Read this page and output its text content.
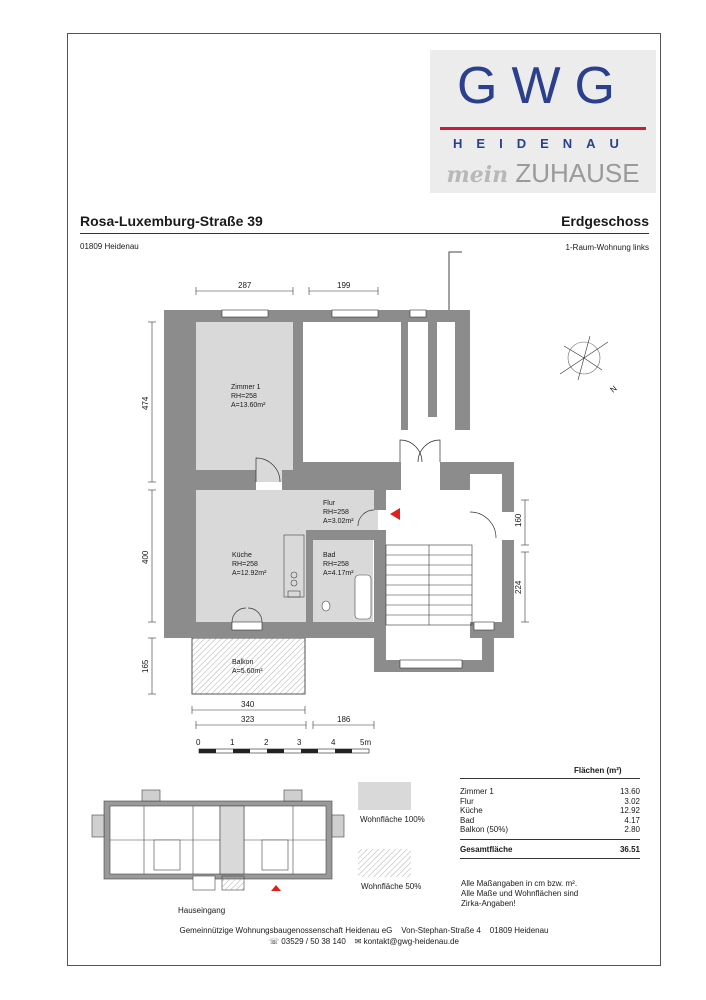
GWG
HEIDENAU
mein ZUHAUSE
Rosa-Luxemburg-Straße 39	Erdgeschoss
01809 Heidenau	1-Raum-Wohnung links
Zimmer 1
RH=258
A=13.60m²
Küche
RH=258
A=12.92m²
Flur
RH=258
A=3.02m²
Bad
RH=258
A=4.17m²
Balkon
A=5.60m²
287	199
474
400
165
340
323	186
160
224
N
0	1	2	3	4	5m
Wohnfläche 100%
Wohnfläche 50%
Hauseingang
Flächen (m²)
Zimmer 1	13.60
Flur	3.02
Küche	12.92
Bad	4.17
Balkon (50%)	2.80
Gesamtfläche	36.51
Alle Maßangaben in cm bzw. m².
Alle Maße und Wohnflächen sind
Zirka-Angaben!
Gemeinnützige Wohnungsbaugenossenschaft Heidenau eG    Von-Stephan-Straße 4    01809 Heidenau
☏ 03529 / 50 38 140 ✉ kontakt@gwg-heidenau.de
